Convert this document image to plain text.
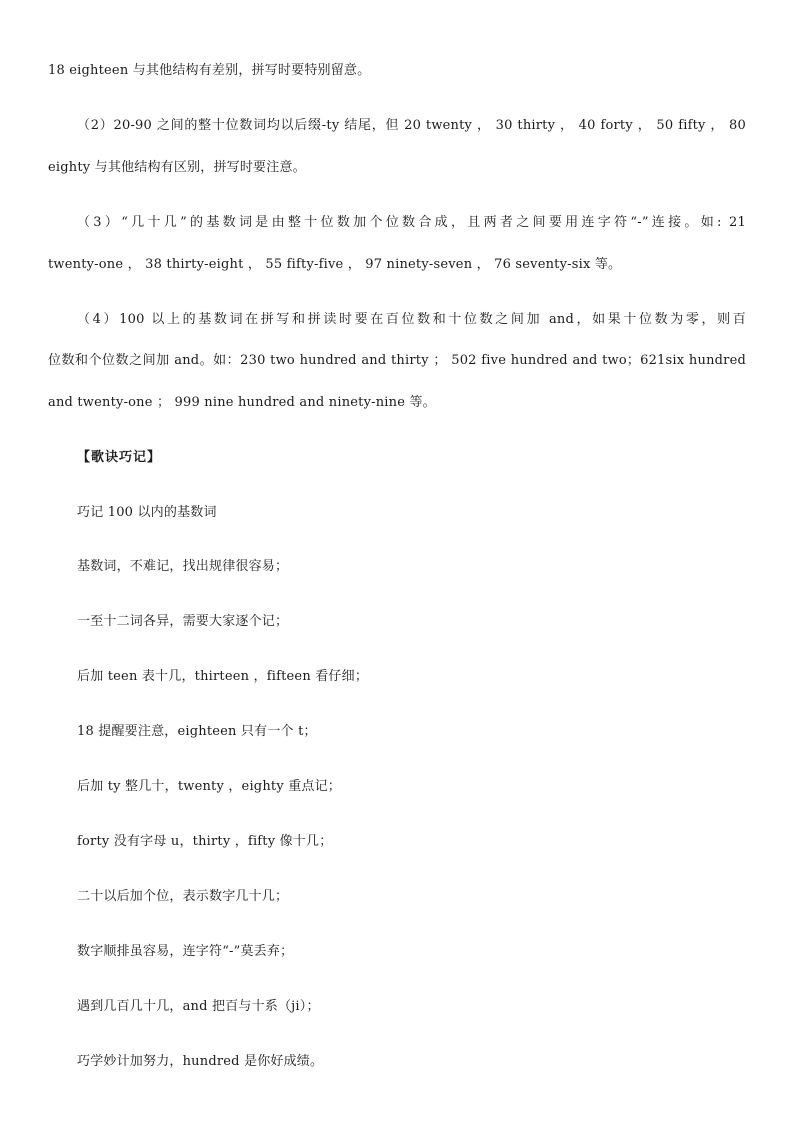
18 eighteen 与其他结构有差别，拼写时要特别留意。
（2）20-90 之间的整十位数词均以后缀-ty 结尾，但 20 twenty ， 30 thirty ， 40 forty ， 50 fifty ， 80
eighty 与其他结构有区别，拼写时要注意。
（3）“几十几”的基数词是由整十位数加个位数合成，且两者之间要用连字符“-”连接。如: 21
twenty-one ， 38 thirty-eight ， 55 fifty-five ， 97 ninety-seven ， 76 seventy-six 等。
（4）100 以上的基数词在拼写和拼读时要在百位数和十位数之间加 and，如果十位数为零，则百
位数和个位数之间加 and。如：230 two hundred and thirty ； 502 five hundred and two；621six hundred
and twenty-one ； 999 nine hundred and ninety-nine 等。
【歌诀巧记】
巧记 100 以内的基数词
基数词，不难记，找出规律很容易；
一至十二词各异，需要大家逐个记；
后加 teen 表十几，thirteen ，fifteen 看仔细；
18 提醒要注意，eighteen 只有一个 t；
后加 ty 整几十，twenty ，eighty 重点记；
forty 没有字母 u，thirty ，fifty 像十几；
二十以后加个位，表示数字几十几；
数字顺排虽容易，连字符“-”莫丢弃；
遇到几百几十几，and 把百与十系（ji）；
巧学妙计加努力，hundred 是你好成绩。
